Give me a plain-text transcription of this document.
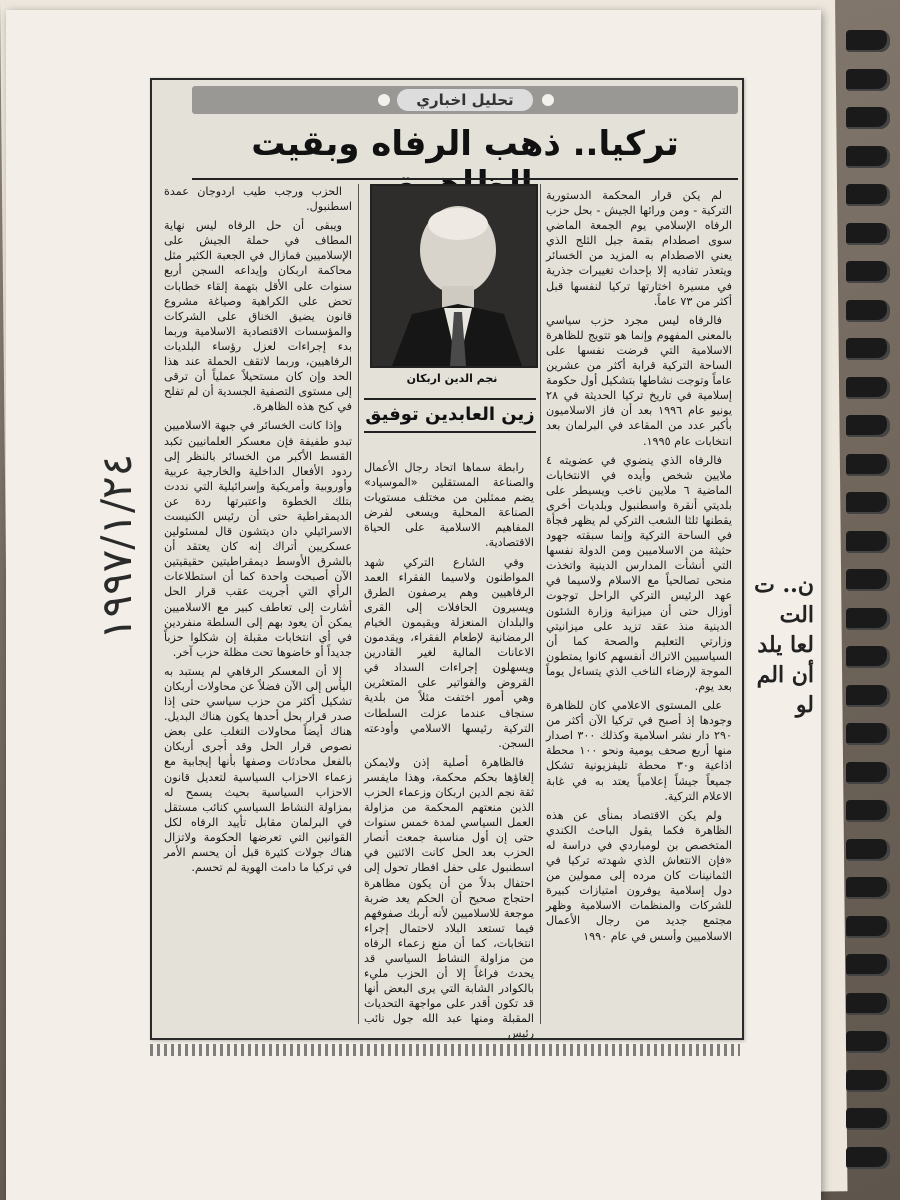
ن.. ت الت
لعا يلد
أن الم
لو
١٩٩٧/١/٢٤
تحليل اخباري
تركيا.. ذهب الرفاه وبقيت

لم يكن قرار المحكمة الدستورية التركية - ومن ورائها الجيش - بحل حزب الرفاه الإسلامي يوم الجمعة الماضي سوى اصطدام بقمة جبل الثلج الذي يعني الاصطدام به المزيد من الخسائر ويتعذر تفاديه إلا بإحداث تغييرات جذرية في مسيرة اختارتها تركيا لنفسها قبل أكثر من ٧٣ عاماً.

فالرفاه ليس مجرد حزب سياسي بالمعنى المفهوم وإنما هو تتويج للظاهرة الاسلامية التي فرضت نفسها على الساحة التركية قرابة أكثر من عشرين عاماً وتوجت نشاطها بتشكيل أول حكومة إسلامية في تاريخ تركيا الحديثة في ٢٨ يونيو عام ١٩٩٦ بعد أن فاز الاسلاميون بأكبر عدد من المقاعد في البرلمان بعد انتخابات عام ١٩٩٥.

فالرفاه الذي ينضوي في عضويته ٤ ملايين شخص وأيده في الانتخابات الماضية ٦ ملايين ناخب ويسيطر على بلديتي أنقرة واسطنبول وبلديات أخرى يقطنها ثلثا الشعب التركي لم يظهر فجأة في الساحة التركية وإنما سبقته جهود حثيثة من الاسلاميين ومن الدولة نفسها التي أنشأت المدارس الدينية واتخذت منحى تصالحياً مع الاسلام ولاسيما في عهد الرئيس التركي الراحل توجوت أوزال حتى أن ميزانية وزارة الشئون الدينية منذ عقد تزيد على ميزانيتي وزارتي التعليم والصحة كما أن السياسيين الاتراك أنفسهم كانوا يمتطون الموجة لإرضاء الناخب الذي يتساءل يوماً بعد يوم.

على المستوى الاعلامي كان للظاهرة وجودها إذ أصبح في تركيا الآن أكثر من ٢٩٠ دار نشر اسلامية وكذلك ٣٠٠ اصدار منها أربع صحف يومية ونحو ١٠٠ محطة اذاعية و٣٠ محطة تليفزيونية تشكل جميعاً جيشاً إعلامياً يعتد به في غابة الاعلام التركية.

ولم يكن الاقتصاد بمنأى عن هذه الظاهرة فكما يقول الباحث الكندي المتخصص بن لومباردي في دراسة له «فإن الانتعاش الذي شهدته تركيا في الثمانينات كان مرده إلى ممولين من دول إسلامية يوفرون امتيازات كبيرة للشركات والمنظمات الاسلامية وظهر مجتمع جديد من رجال الأعمال الاسلاميين وأسس في عام ١٩٩٠

نجم الدين اربكان
زين العابدين توفيق

رابطة سماها اتحاد رجال الأعمال والصناعة المستقلين «الموسياد» يضم ممثلين من مختلف مستويات الصناعة المحلية ويسعى لفرض المفاهيم الاسلامية على الحياة الاقتصادية.

وفي الشارع التركي شهد المواطنون ولاسيما الفقراء العمد الرفاهيين وهم يرصفون الطرق ويسيرون الحافلات إلى القرى والبلدان المنعزلة ويقيمون الخيام الرمضانية لإطعام الفقراء، ويقدمون الاعانات المالية لغير القادرين ويسهلون إجراءات السداد في القروض والفواتير على المتعثرين وهي أمور اختفت مثلاً من بلدية سنجاف عندما عزلت السلطات التركية رئيسها الاسلامي وأودعته السجن.

فالظاهرة أصلية إذن ولايمكن إلغاؤها بحكم محكمة، وهذا مايفسر ثقة نجم الدين اربكان وزعماء الحزب الذين منعتهم المحكمة من مزاولة العمل السياسي لمدة خمس سنوات حتى إن أول مناسبة جمعت أنصار الحزب بعد الحل كانت الاثنين في اسطنبول على حفل افطار تحول إلى احتفال بدلاً من أن يكون مظاهرة احتجاج صحيح أن الحكم يعد ضربة موجعة للاسلاميين لأنه أربك صفوفهم فيما تستعد البلاد لاحتمال إجراء انتخابات، كما أن منع زعماء الرفاه من مزاولة النشاط السياسي قد يحدث فراغاً إلا أن الحزب مليء بالكوادر الشابة التي يرى البعض أنها قد تكون أقدر على مواجهة التحديات المقبلة ومنها عبد الله جول نائب رئيس

الحزب ورجب طيب اردوجان عمدة اسطنبول.

ويبقى أن حل الرفاه ليس نهاية المطاف في حملة الجيش على الإسلاميين فمازال في الجعبة الكثير مثل محاكمة اربكان وإيداعه السجن أربع سنوات على الأقل بتهمة إلقاء خطابات تحض على الكراهية وصياغة مشروع قانون يضيق الخناق على الشركات والمؤسسات الاقتصادية الاسلامية وربما بدء إجراءات لعزل رؤساء البلديات الرفاهيين، وربما لاتقف الحملة عند هذا الحد وإن كان مستحيلاً عملياً أن ترقى إلى مستوى التصفية الجسدية أن لم تفلح في كبح هذه الظاهرة.

وإذا كانت الخسائر في جبهة الاسلاميين تبدو طفيفة فإن معسكر العلمانيين تكبد القسط الأكبر من الخسائر بالنظر إلى ردود الأفعال الداخلية والخارجية عربية وأوروبية وأمريكية وإسرائيلية التي نددت بتلك الخطوة واعتبرتها ردة عن الديمقراطية حتى أن رئيس الكنيست الاسرائيلي دان ديتشون قال لمسئولين عسكريين أتراك إنه كان يعتقد أن بالشرق الأوسط ديمقراطيتين حقيقيتين الآن أصبحت واحدة كما أن استطلاعات الرأي التي أجريت عقب قرار الحل أشارت إلى تعاطف كبير مع الاسلاميين يمكن أن يعود بهم إلى السلطة منفردين في أي انتخابات مقبلة إن شكلوا حزباً جديداً أو خاضوها تحت مظلة حزب آخر.

إلا أن المعسكر الرفاهي لم يستبد به اليأس إلى الآن فضلاً عن محاولات أربكان تشكيل أكثر من حزب سياسي حتى إذا صدر قرار بحل أحدها يكون هناك البديل. هناك أيضاً محاولات التغلب على بعض نصوص قرار الحل وقد أجرى أربكان بالفعل محادثات وصفها بأنها إيجابية مع زعماء الاحزاب السياسية لتعديل قانون الاحزاب السياسية بحيث يسمح له بمزاولة النشاط السياسي كنائب مستقل في البرلمان مقابل تأييد الرفاه لكل القوانين التي تعرضها الحكومة ولاتزال هناك جولات كثيرة قبل أن يحسم الأمر في تركيا ما دامت الهوية لم تحسم.
